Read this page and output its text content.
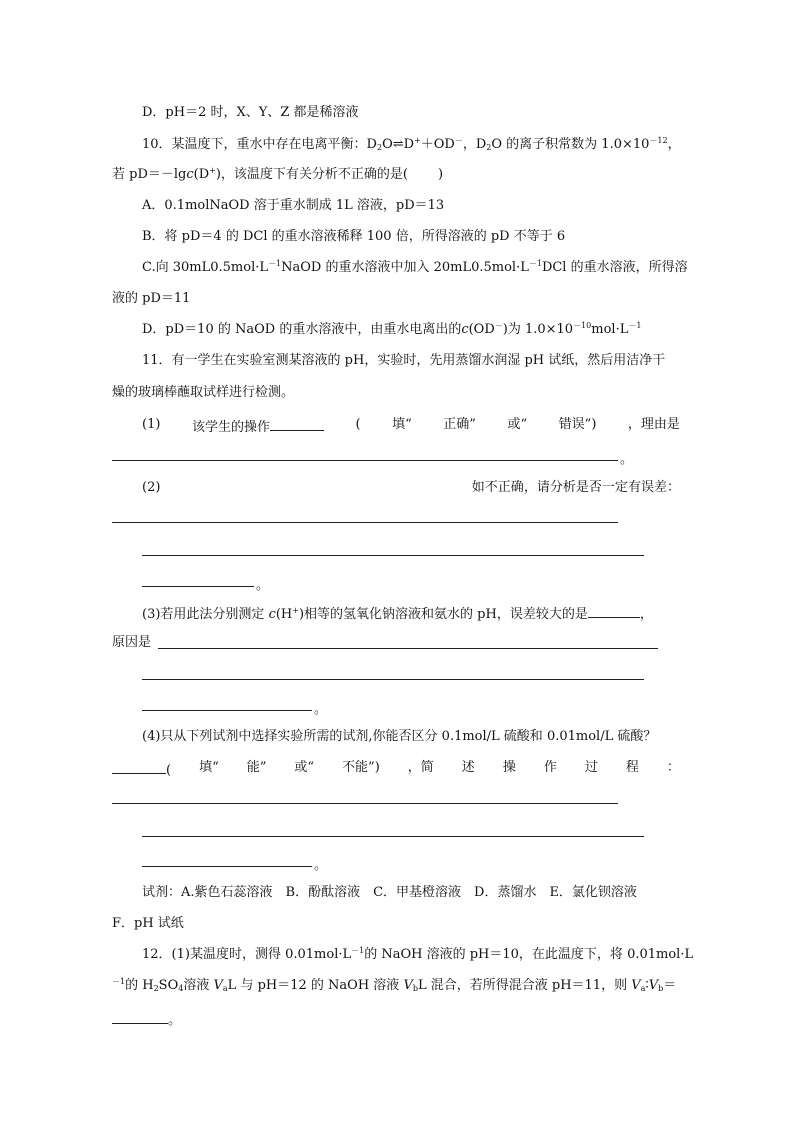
D．pH＝2 时，X、Y、Z 都是稀溶液
10．某温度下，重水中存在电离平衡：$D_2O\rightleftharpoons D^++OD^-$，$D_2O$ 的离子积常数为 $1.0\times 10^{-12}$，
若 pD＝－lgc(D+)，该温度下有关分析不正确的是( )
A．0.1molNaOD 溶于重水制成 1L 溶液，pD＝13
B．将 pD＝4 的 DCl 的重水溶液稀释 100 倍，所得溶液的 pD 不等于 6
C.向 $30mL0.5mol\cdot L^{-1}NaOD$ 的重水溶液中加入 $20mL0.5mol\cdot L^{-1}DCl$ 的重水溶液，所得溶
液的 pD＝11
D．pD＝10 的 NaOD 的重水溶液中，由重水电离出的c(OD－)为 $1.0\times 10^{-10}mol\cdot L^{-1}$
11．有一学生在实验室测某溶液的 pH，实验时，先用蒸馏水润湿 pH 试纸，然后用洁净干
燥的玻璃棒蘸取试样进行检测。
(1) 该学生的操作	( 填“ 正确” 或“ 错误”) ，理由是
。
(2)	如 不 正 确 ， 请 分 析 是 否 一 定 有 误 差 ：
。
(3)若用此法分别测定 c(H+)相等的氢氧化钠溶液和氨水的 pH，误差较大的是	，
原因是
。
(4)只从下列试剂中选择实验所需的试剂,你能否区分 0.1mol/L 硫酸和 0.01mol/L 硫酸？
( 填“ 能” 或“ 不能”) ，简 述 操 作 过 程 ：
。
试剂：A.紫色石蕊溶液　B．酚酞溶液　C．甲基橙溶液　D．蒸馏水　E．氯化钡溶液
F．pH 试纸
12．(1)某温度时，测得 $0.01mol\cdot L^{-1}$的 NaOH 溶液的 pH＝10，在此温度下，将 0.01mol·L
$^{-1}$的 $H_2SO_4$溶液 $V_aL$ 与 pH＝12 的 NaOH 溶液 $V_bL$ 混合，若所得混合液 pH＝11，则 $V_a∶V_b=$
。
